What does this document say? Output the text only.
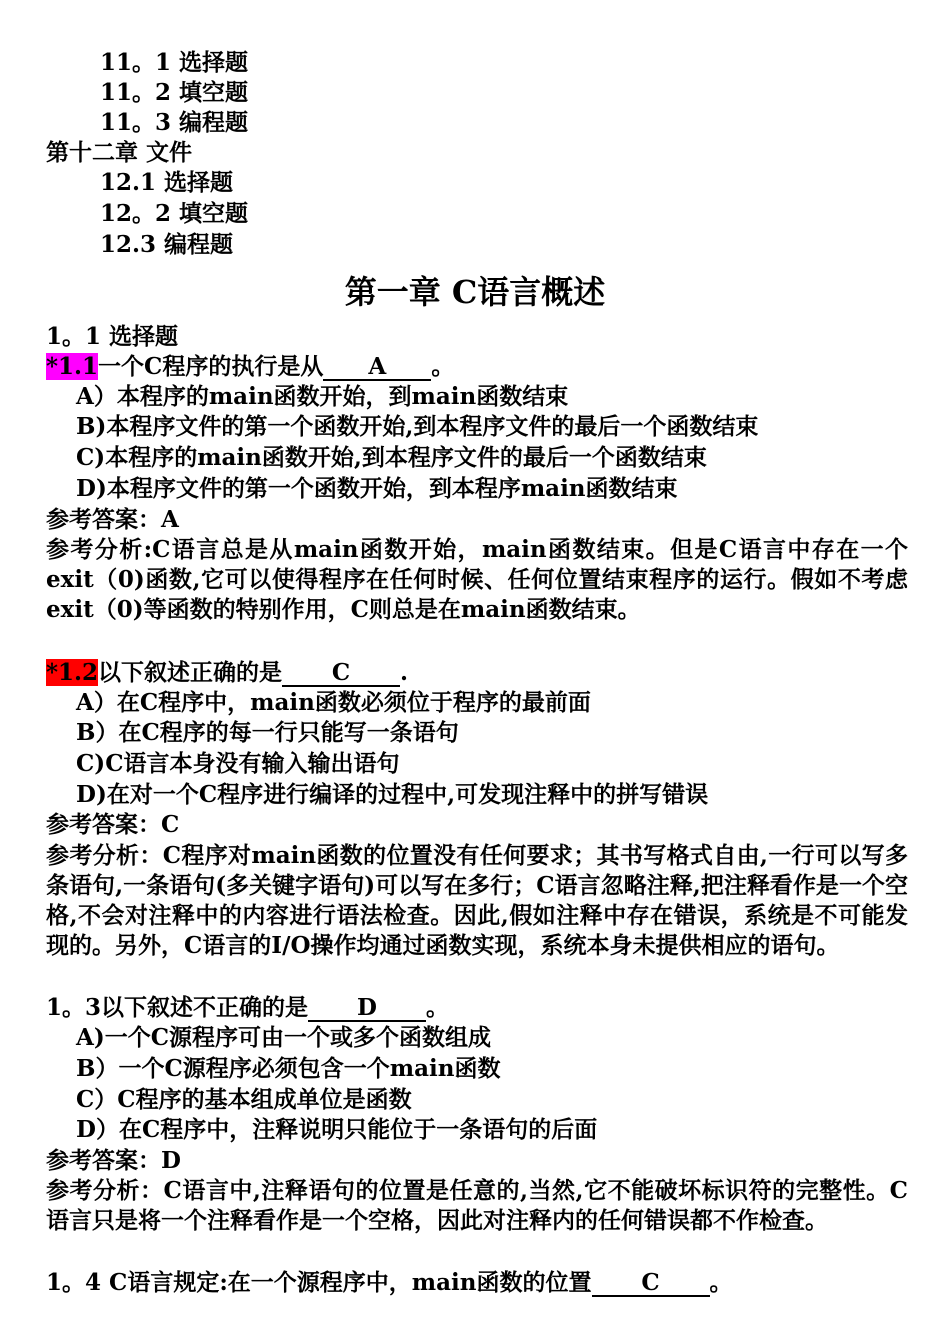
11。1 选择题
11。2 填空题
11。3 编程题
第十二章 文件
12.1 选择题
12。2 填空题
12.3 编程题
第一章 C语言概述
1。1 选择题
*1.1一个C程序的执行是从 A 。
A）本程序的main函数开始，到main函数结束
B)本程序文件的第一个函数开始,到本程序文件的最后一个函数结束
C)本程序的main函数开始,到本程序文件的最后一个函数结束
D)本程序文件的第一个函数开始，到本程序main函数结束
参考答案：A
参考分析:C语言总是从main函数开始，main函数结束。但是C语言中存在一个exit（0)函数,它可以使得程序在任何时候、任何位置结束程序的运行。假如不考虑exit（0)等函数的特别作用，C则总是在main函数结束。
*1.2以下叙述正确的是 C .
A）在C程序中，main函数必须位于程序的最前面
B）在C程序的每一行只能写一条语句
C)C语言本身没有输入输出语句
D)在对一个C程序进行编译的过程中,可发现注释中的拼写错误
参考答案：C
参考分析：C程序对main函数的位置没有任何要求；其书写格式自由,一行可以写多条语句,一条语句(多关键字语句)可以写在多行；C语言忽略注释,把注释看作是一个空格,不会对注释中的内容进行语法检查。因此,假如注释中存在错误，系统是不可能发现的。另外，C语言的I/O操作均通过函数实现，系统本身未提供相应的语句。
1。3以下叙述不正确的是 D 。
A)一个C源程序可由一个或多个函数组成
B）一个C源程序必须包含一个main函数
C）C程序的基本组成单位是函数
D）在C程序中，注释说明只能位于一条语句的后面
参考答案：D
参考分析：C语言中,注释语句的位置是任意的,当然,它不能破坏标识符的完整性。C语言只是将一个注释看作是一个空格，因此对注释内的任何错误都不作检查。
1。4 C语言规定:在一个源程序中，main函数的位置 C 。
